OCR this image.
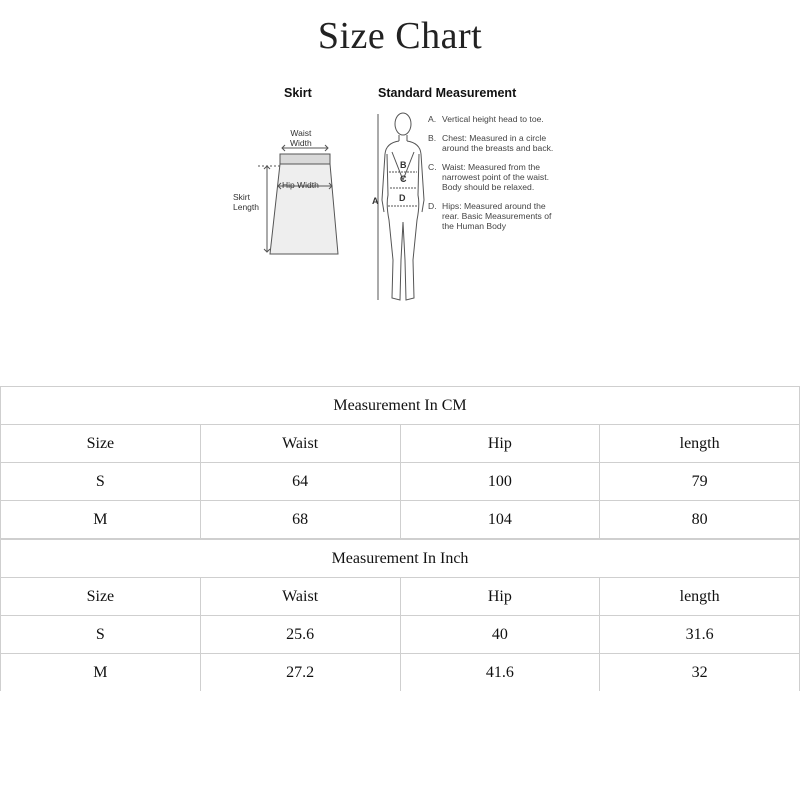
Size Chart
Skirt	Standard Measurement
Waist
Width
Hip Width
Skirt
Length
B
C
D
A
A. Vertical height head to toe.
B. Chest: Measured in a circle around the breasts and back.
C. Waist: Measured from the narrowest point of the waist. Body should be relaxed.
D. Hips: Measured around the rear. Basic Measurements of the Human Body
Measurement In CM			
Size	Waist	Hip	length
S	64	100	79
M	68	104	80
Measurement In Inch			
Size	Waist	Hip	length
S	25.6	40	31.6
M	27.2	41.6	32
